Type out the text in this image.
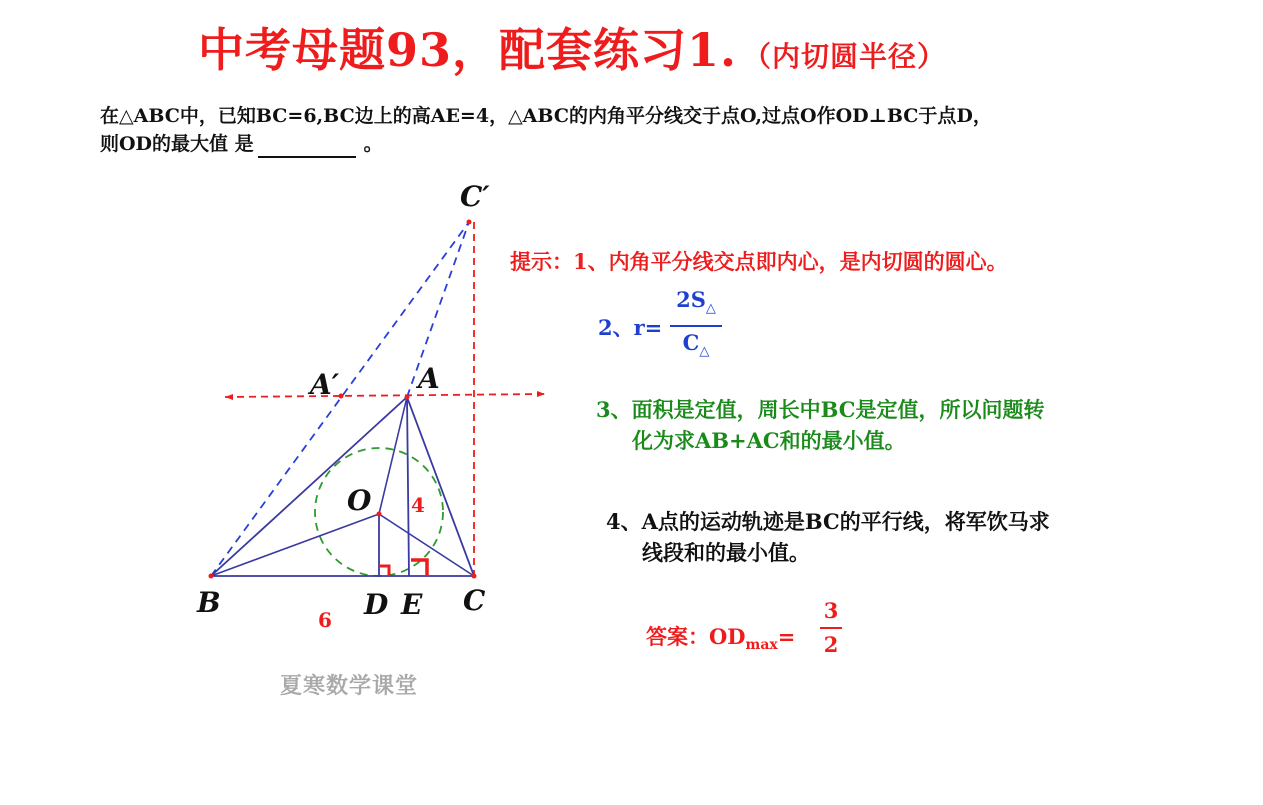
中考母题93，配套练习1. （内切圆半径）
在△ABC中，已知BC=6,BC边上的高AE=4，△ABC的内角平分线交于点O,过点O作OD⊥BC于点D，
则OD的最大值 是	。
C′
A
A′
O
B	D E C
4
6
提示：1、内角平分线交点即内心，是内切圆的圆心。
2、r=
$2S_\triangle$
$C_\triangle$
3、面积是定值，周长中BC是定值，所以问题转
化为求AB+AC和的最小值。
4、A点的运动轨迹是BC的平行线，将军饮马求
线段和的最小值。
答案：$OD_{max}=$
3
2
夏寒数学课堂
